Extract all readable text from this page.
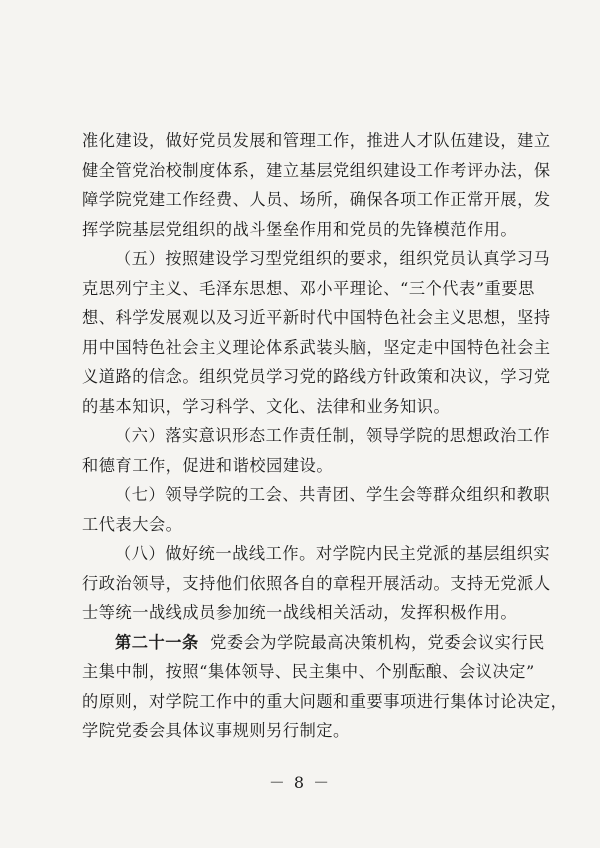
准化建设，做好党员发展和管理工作，推进人才队伍建设，建立
健全管党治校制度体系，建立基层党组织建设工作考评办法，保
障学院党建工作经费、人员、场所，确保各项工作正常开展，发
挥学院基层党组织的战斗堡垒作用和党员的先锋模范作用。
（五）按照建设学习型党组织的要求，组织党员认真学习马
克思列宁主义、毛泽东思想、邓小平理论、“三个代表”重要思
想、科学发展观以及习近平新时代中国特色社会主义思想，坚持
用中国特色社会主义理论体系武装头脑，坚定走中国特色社会主
义道路的信念。组织党员学习党的路线方针政策和决议，学习党
的基本知识，学习科学、文化、法律和业务知识。
（六）落实意识形态工作责任制，领导学院的思想政治工作
和德育工作，促进和谐校园建设。
（七）领导学院的工会、共青团、学生会等群众组织和教职
工代表大会。
（八）做好统一战线工作。对学院内民主党派的基层组织实
行政治领导，支持他们依照各自的章程开展活动。支持无党派人
士等统一战线成员参加统一战线相关活动，发挥积极作用。
第二十一条 党委会为学院最高决策机构，党委会议实行民
主集中制，按照“集体领导、民主集中、个别酝酿、会议决定”
的原则，对学院工作中的重大问题和重要事项进行集体讨论决定，
学院党委会具体议事规则另行制定。
－ 8 －
